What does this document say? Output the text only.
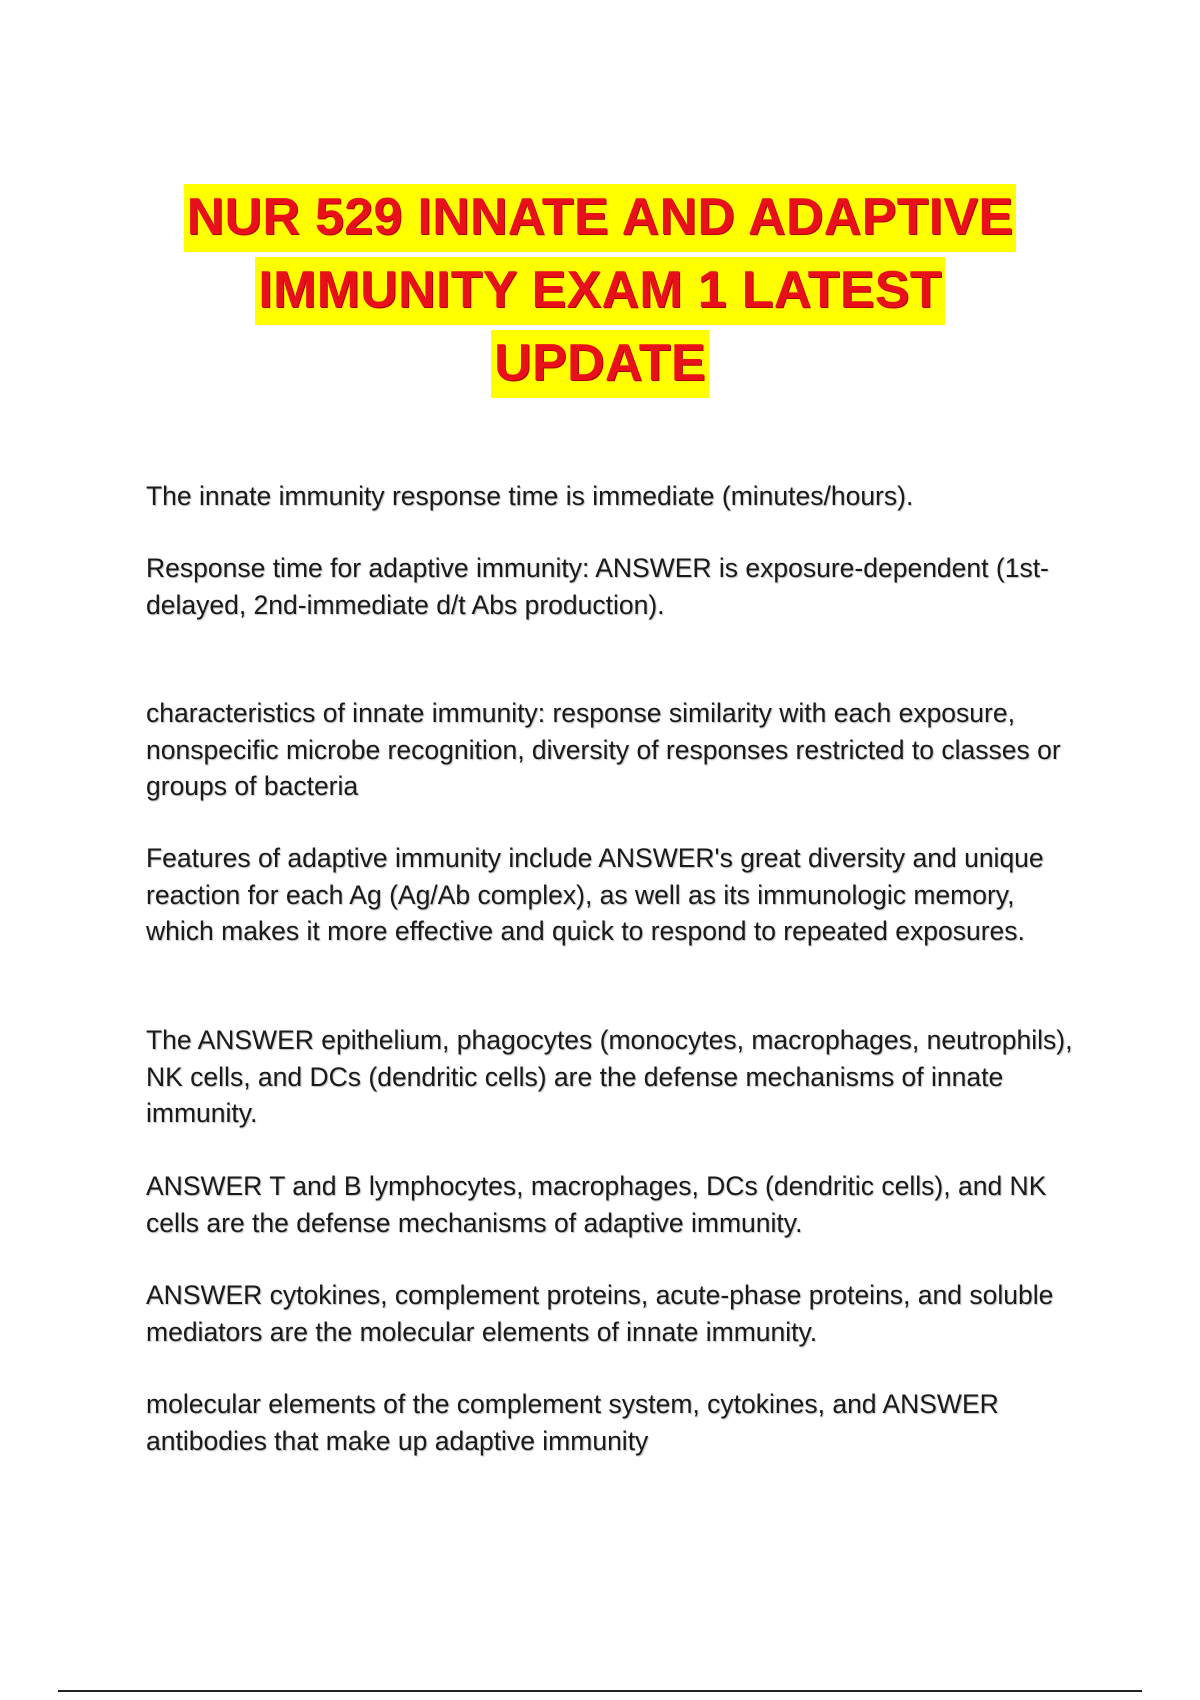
NUR 529 INNATE AND ADAPTIVE
IMMUNITY EXAM 1 LATEST
UPDATE

The innate immunity response time is immediate (minutes/hours).

Response time for adaptive immunity: ANSWER is exposure-dependent (1st-delayed, 2nd-immediate d/t Abs production).

characteristics of innate immunity: response similarity with each exposure, nonspecific microbe recognition, diversity of responses restricted to classes or groups of bacteria

Features of adaptive immunity include ANSWER's great diversity and unique reaction for each Ag (Ag/Ab complex), as well as its immunologic memory, which makes it more effective and quick to respond to repeated exposures.

The ANSWER epithelium, phagocytes (monocytes, macrophages, neutrophils), NK cells, and DCs (dendritic cells) are the defense mechanisms of innate immunity.

ANSWER T and B lymphocytes, macrophages, DCs (dendritic cells), and NK cells are the defense mechanisms of adaptive immunity.

ANSWER cytokines, complement proteins, acute-phase proteins, and soluble mediators are the molecular elements of innate immunity.

molecular elements of the complement system, cytokines, and ANSWER antibodies that make up adaptive immunity
